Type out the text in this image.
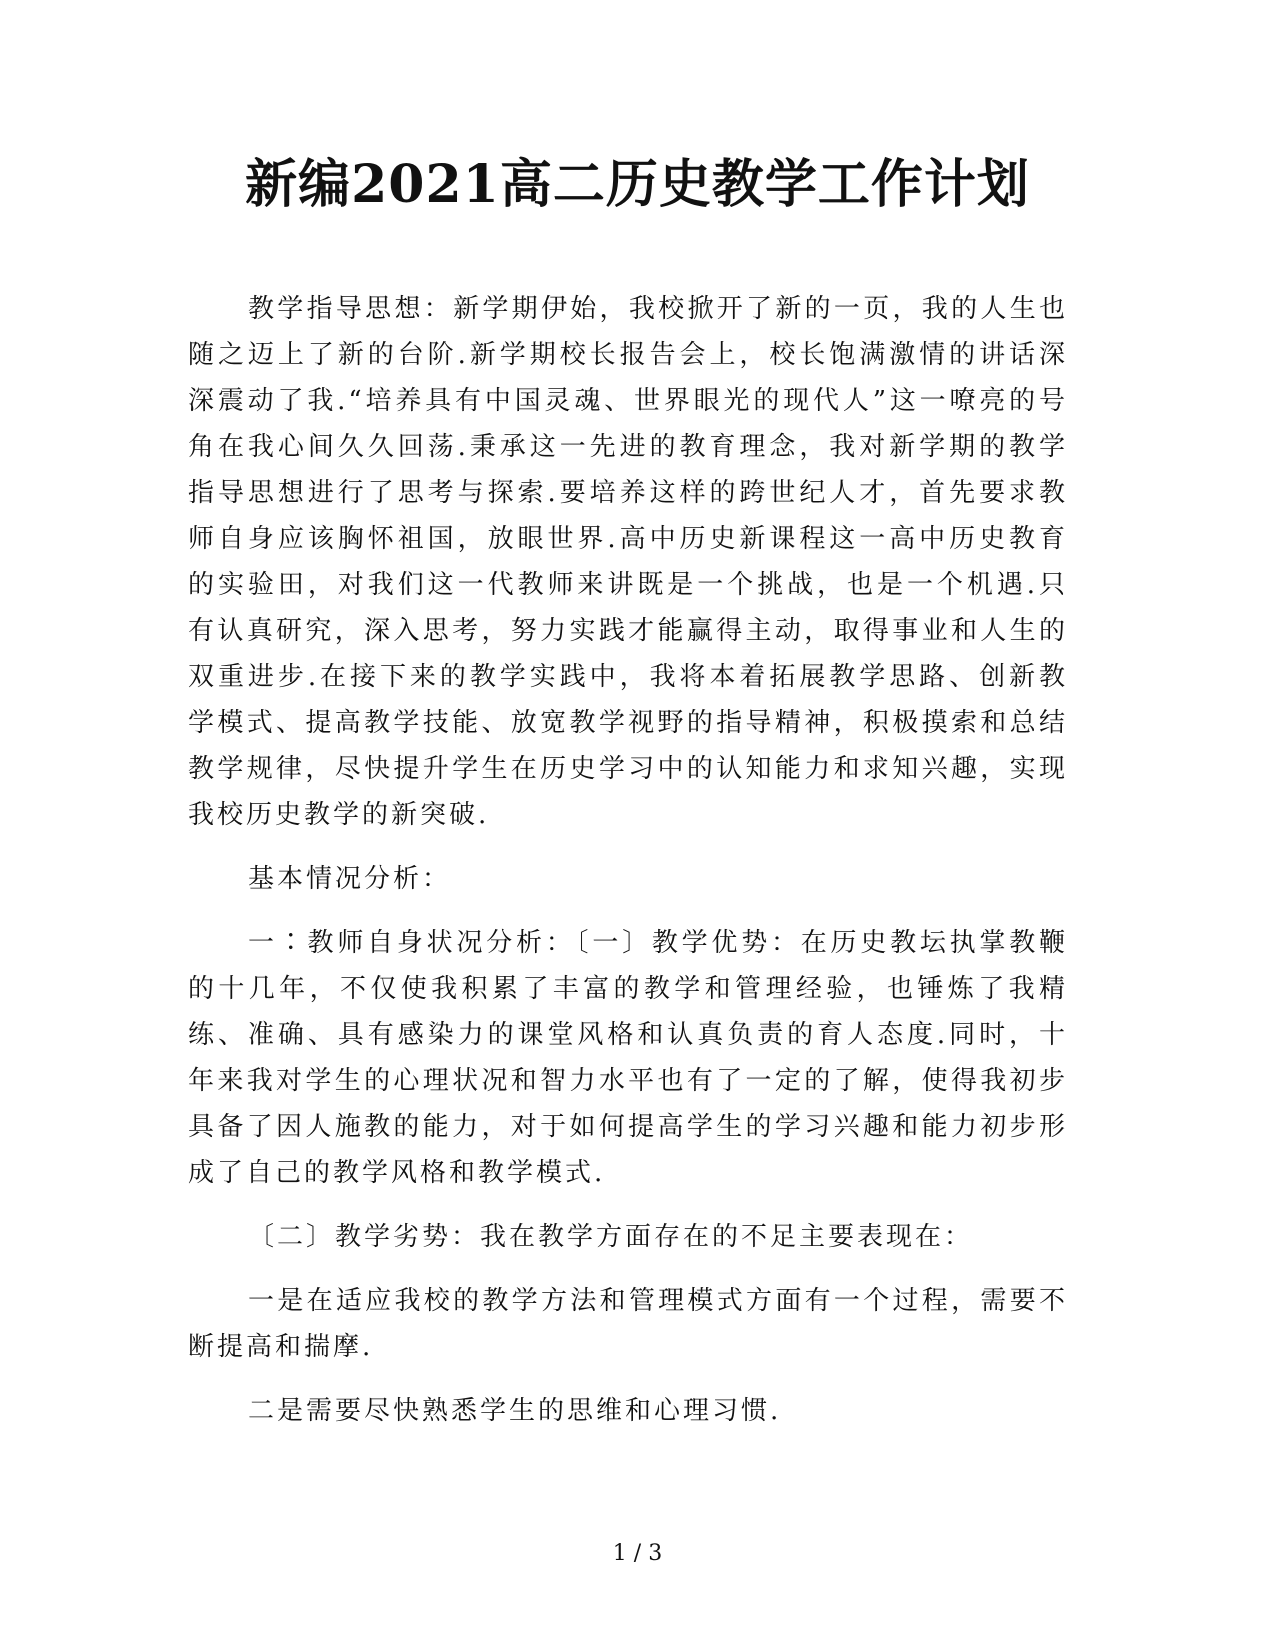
新编2021高二历史教学工作计划

教学指导思想：新学期伊始，我校掀开了新的一页，我的人生也随之迈上了新的台阶.新学期校长报告会上，校长饱满激情的讲话深深震动了我.“培养具有中国灵魂、世界眼光的现代人”这一嘹亮的号角在我心间久久回荡.秉承这一先进的教育理念，我对新学期的教学指导思想进行了思考与探索.要培养这样的跨世纪人才，首先要求教师自身应该胸怀祖国，放眼世界.高中历史新课程这一高中历史教育的实验田，对我们这一代教师来讲既是一个挑战，也是一个机遇.只有认真研究，深入思考，努力实践才能赢得主动，取得事业和人生的双重进步.在接下来的教学实践中，我将本着拓展教学思路、创新教学模式、提高教学技能、放宽教学视野的指导精神，积极摸索和总结教学规律，尽快提升学生在历史学习中的认知能力和求知兴趣，实现我校历史教学的新突破.

基本情况分析：

一∶教师自身状况分析：〔一〕教学优势：在历史教坛执掌教鞭的十几年，不仅使我积累了丰富的教学和管理经验，也锤炼了我精练、准确、具有感染力的课堂风格和认真负责的育人态度.同时，十年来我对学生的心理状况和智力水平也有了一定的了解，使得我初步具备了因人施教的能力，对于如何提高学生的学习兴趣和能力初步形成了自己的教学风格和教学模式.

〔二〕教学劣势：我在教学方面存在的不足主要表现在：

一是在适应我校的教学方法和管理模式方面有一个过程，需要不断提高和揣摩.

二是需要尽快熟悉学生的思维和心理习惯.

1 / 3
